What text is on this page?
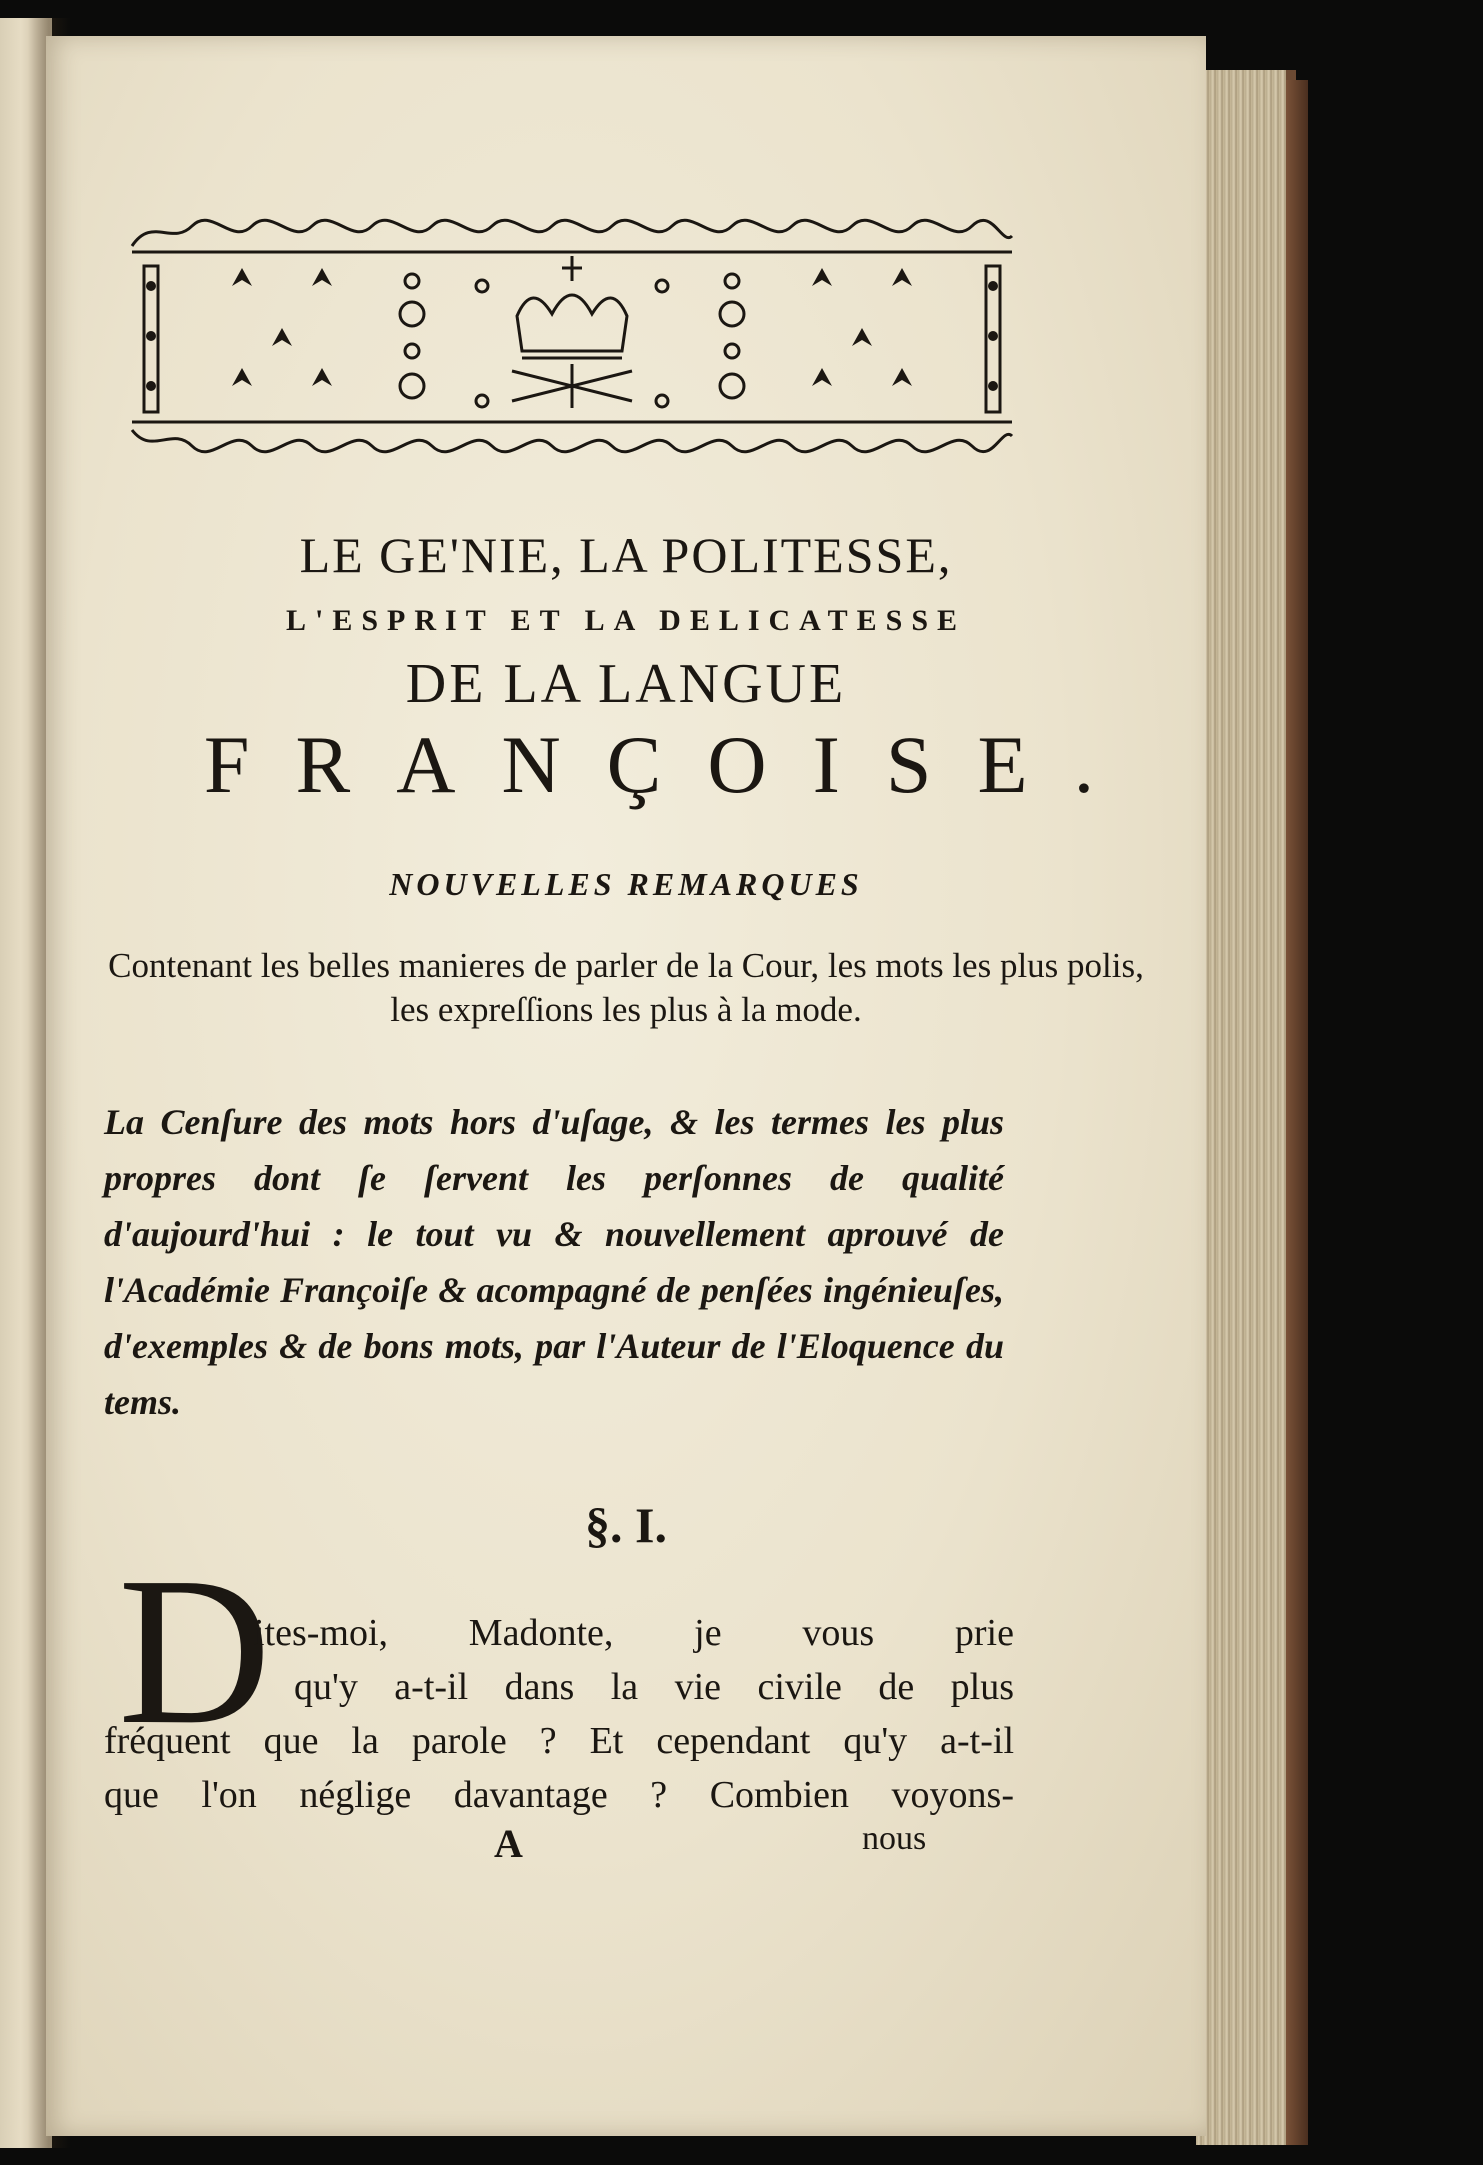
LE GE'NIE, LA POLITESSE,
L'ESPRIT ET LA DELICATESSE
DE LA LANGUE
FRANÇOISE.
NOUVELLES REMARQUES
Contenant les belles manieres de parler de la Cour, les mots les plus polis, les expreſſions les plus à la mode.
La Cenſure des mots hors d'uſage, & les termes les plus propres dont ſe ſervent les perſonnes de qualité d'aujourd'hui : le tout vu & nouvellement aprouvé de l'Académie Françoiſe & acompagné de penſées ingénieuſes, d'exemples & de bons mots, par l'Auteur de l'Eloquence du tems.
§. I.
D
ites-moi, Madonte, je vous prie
qu'y a-t-il dans la vie civile de plus
fréquent que la parole ? Et cependant qu'y a-t-il
que l'on néglige davantage ? Combien voyons-
A	nous
